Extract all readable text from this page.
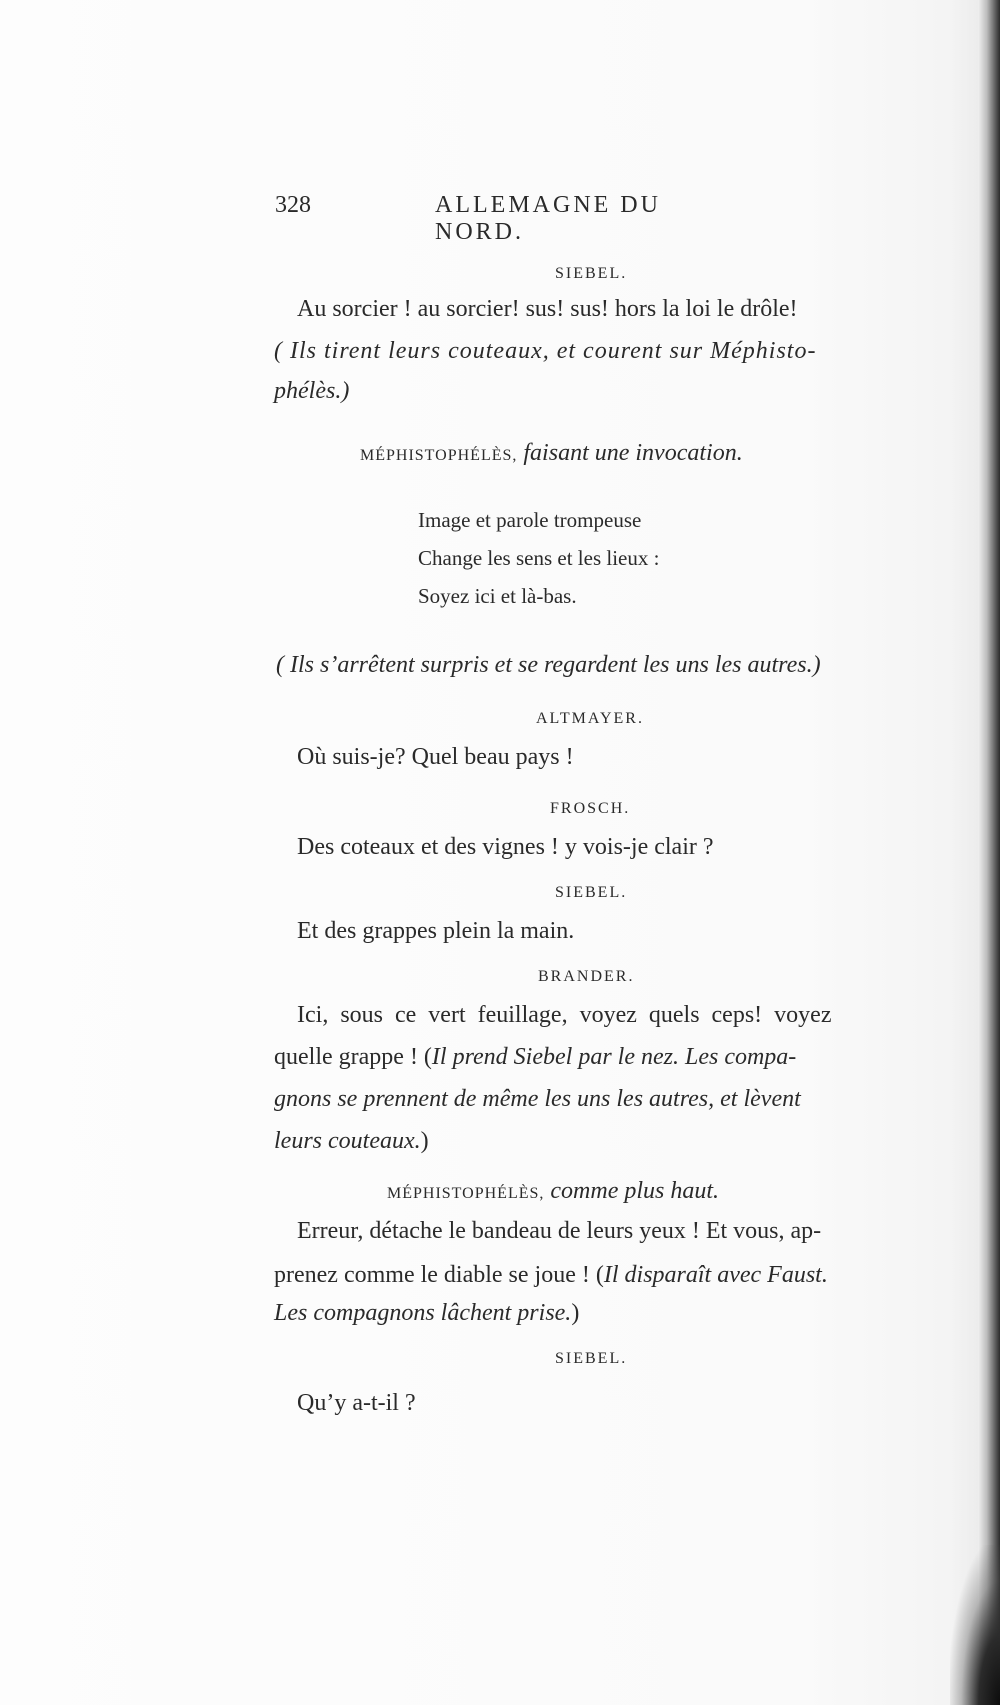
328	ALLEMAGNE DU NORD.
SIEBEL.
Au sorcier ! au sorcier! sus! sus! hors la loi le drôle!
( Ils tirent leurs couteaux, et courent sur Méphisto-
phélès.)
MÉPHISTOPHÉLÈS, faisant une invocation.
Image et parole trompeuse
Change les sens et les lieux :
Soyez ici et là-bas.
( Ils s’arrêtent surpris et se regardent les uns les autres.)
ALTMAYER.
Où suis-je? Quel beau pays !
FROSCH.
Des coteaux et des vignes ! y vois-je clair ?
SIEBEL.
Et des grappes plein la main.
BRANDER.
Ici, sous ce vert feuillage, voyez quels ceps! voyez
quelle grappe ! (Il prend Siebel par le nez. Les compa-
gnons se prennent de même les uns les autres, et lèvent
leurs couteaux.)
MÉPHISTOPHÉLÈS, comme plus haut.
Erreur, détache le bandeau de leurs yeux ! Et vous, ap-
prenez comme le diable se joue ! (Il disparaît avec Faust.
Les compagnons lâchent prise.)
SIEBEL.
Qu’y a-t-il ?
